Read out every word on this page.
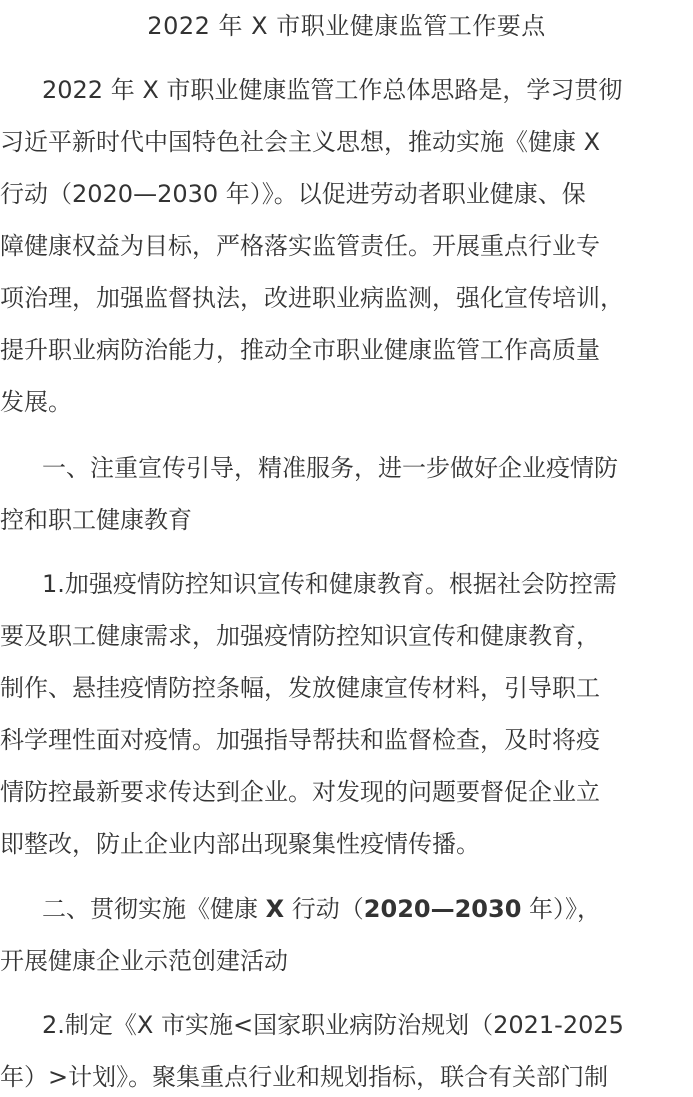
2022 年 X 市职业健康监管工作要点
2022 年 X 市职业健康监管工作总体思路是，学习贯彻
习近平新时代中国特色社会主义思想，推动实施《健康 X
行动（2020—2030 年）》。以促进劳动者职业健康、保
障健康权益为目标，严格落实监管责任。开展重点行业专
项治理，加强监督执法，改进职业病监测，强化宣传培训，
提升职业病防治能力，推动全市职业健康监管工作高质量
发展。
一、注重宣传引导，精准服务，进一步做好企业疫情防
控和职工健康教育
1.加强疫情防控知识宣传和健康教育。根据社会防控需
要及职工健康需求，加强疫情防控知识宣传和健康教育，
制作、悬挂疫情防控条幅，发放健康宣传材料，引导职工
科学理性面对疫情。加强指导帮扶和监督检查，及时将疫
情防控最新要求传达到企业。对发现的问题要督促企业立
即整改，防止企业内部出现聚集性疫情传播。
二、贯彻实施《健康 X 行动（2020—2030 年）》，
开展健康企业示范创建活动
2.制定《X 市实施<国家职业病防治规划（2021-2025
年）>计划》。聚集重点行业和规划指标，联合有关部门制
